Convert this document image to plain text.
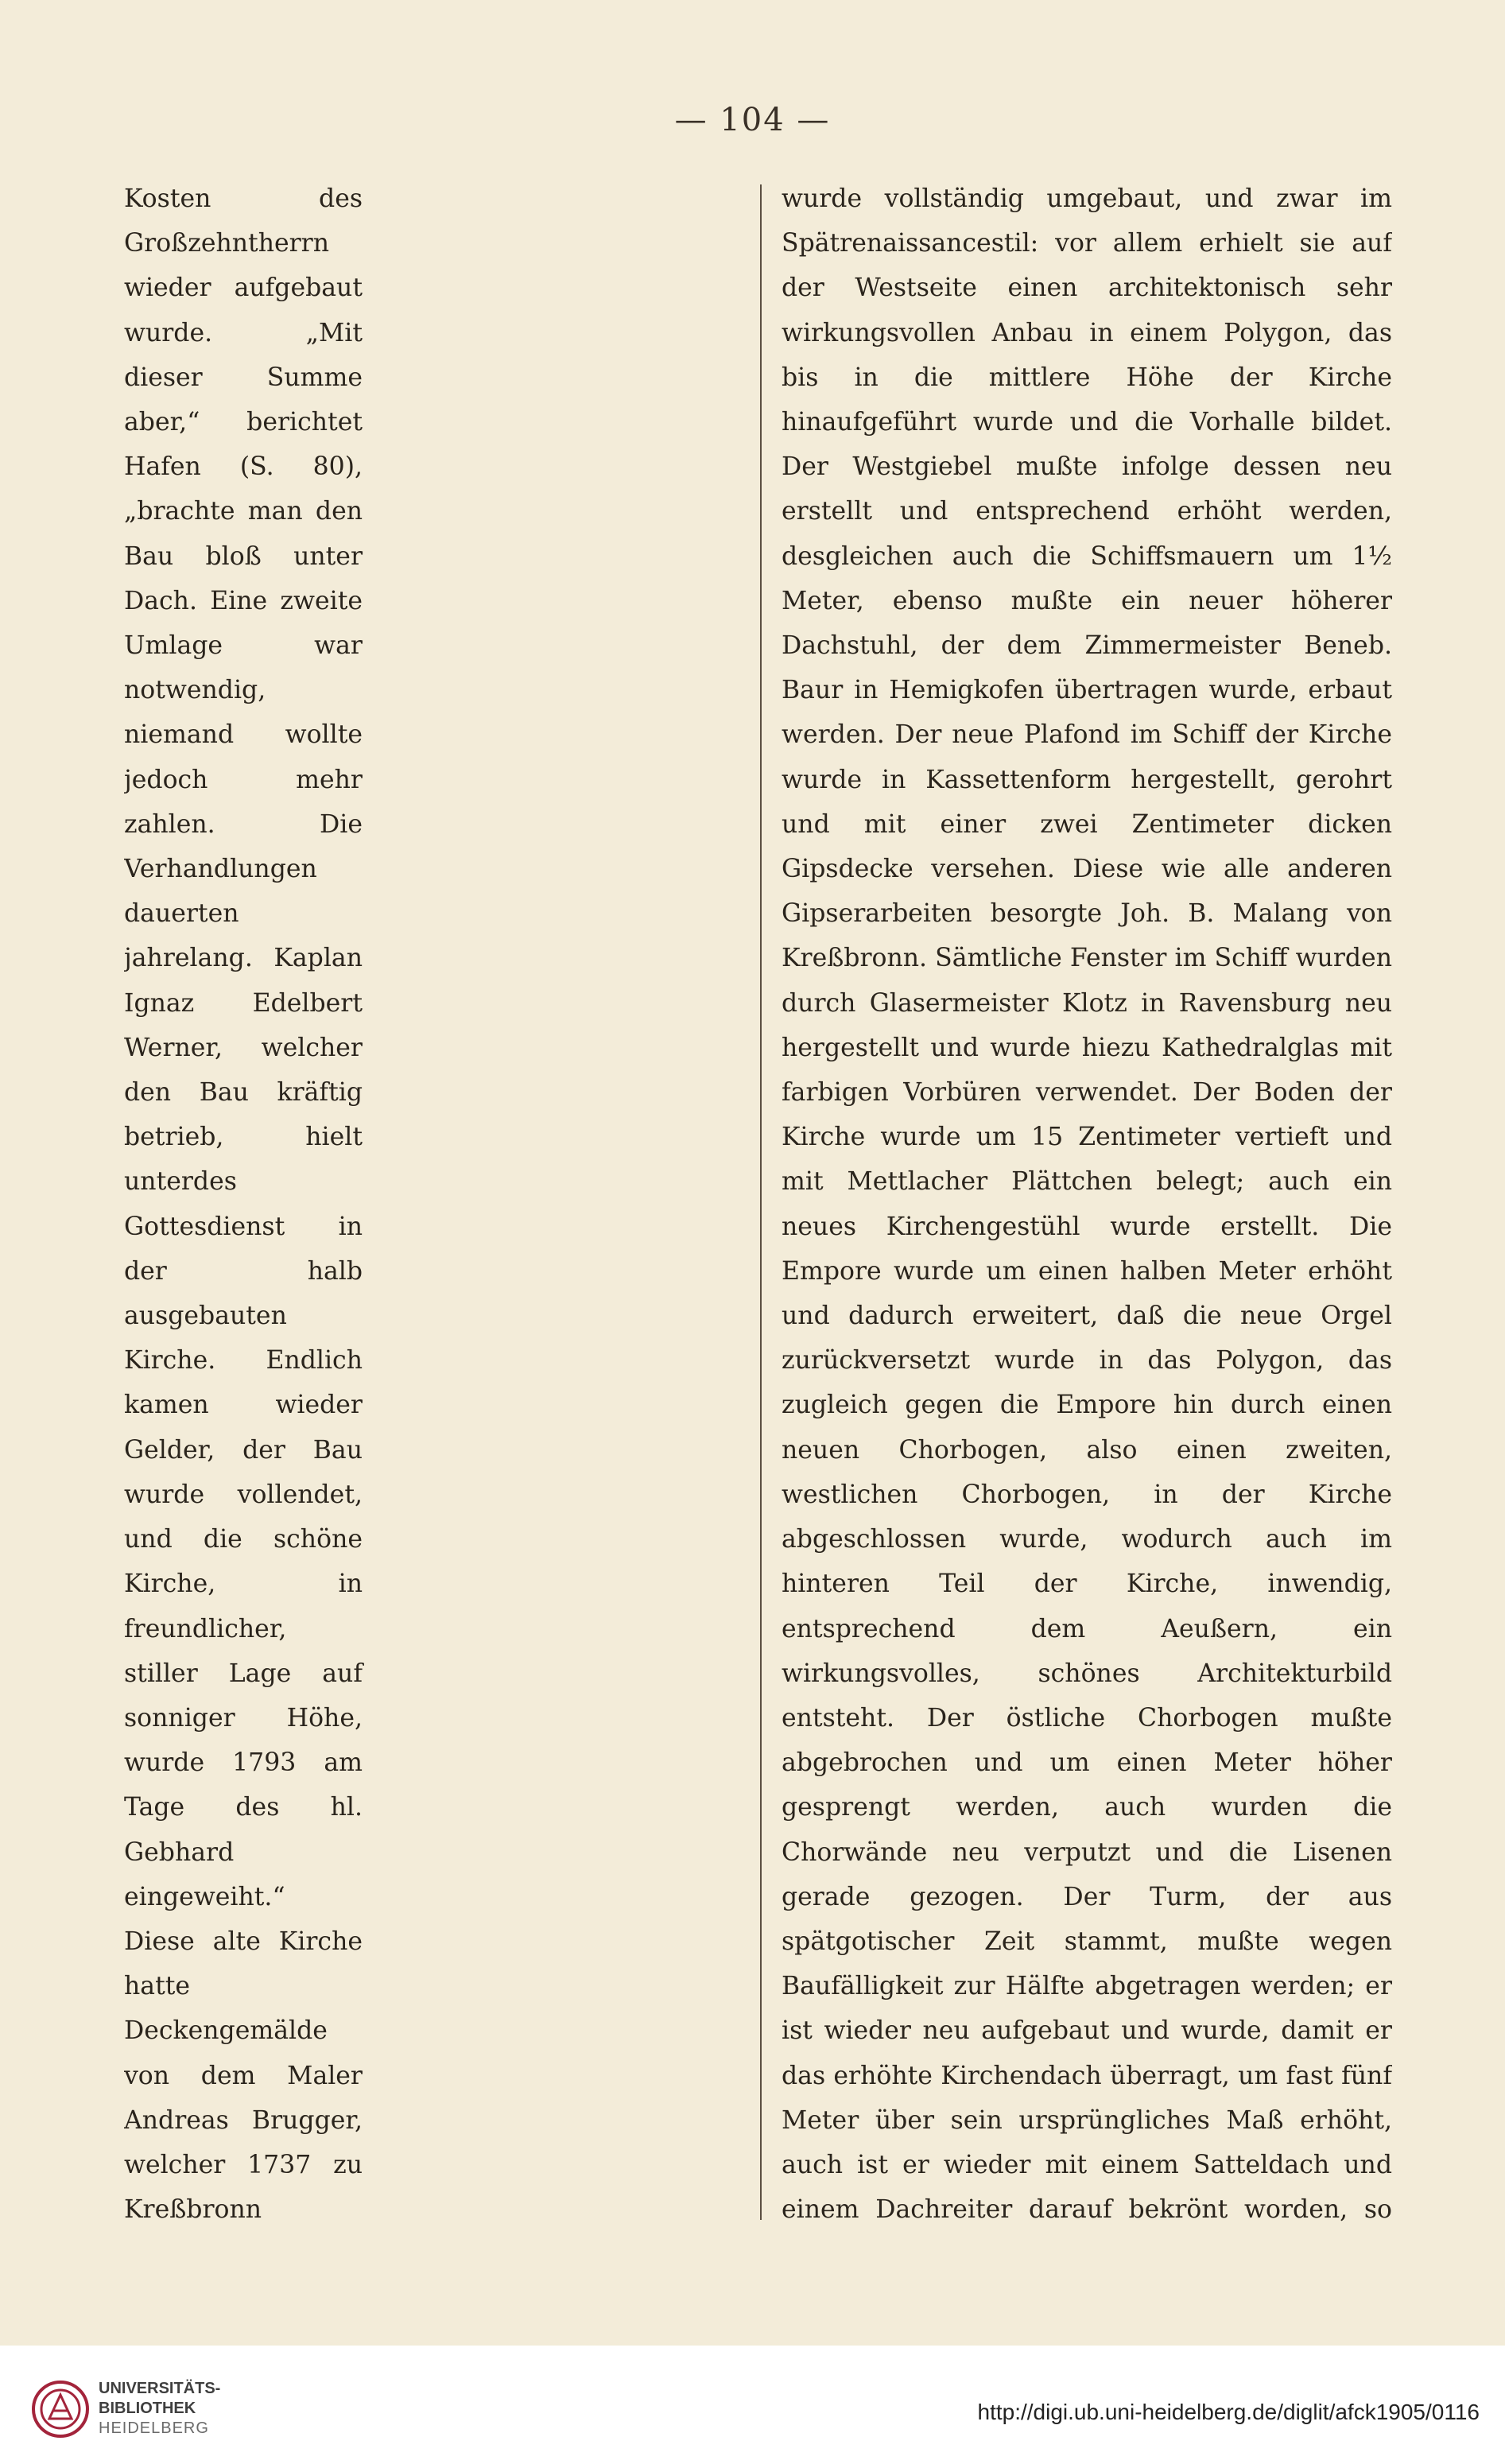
— 104 —

Kosten des Großzehntherrn wieder aufgebaut wurde. „Mit dieser Summe aber,“ berichtet Hafen (S. 80), „brachte man den Bau bloß unter Dach. Eine zweite Umlage war notwendig, niemand wollte jedoch mehr zahlen. Die Verhandlungen dauerten jahrelang. Kaplan Ignaz Edelbert Werner, welcher den Bau kräftig betrieb, hielt unterdes Gottesdienst in der halb ausgebauten Kirche. Endlich kamen wieder Gelder, der Bau wurde vollendet, und die schöne Kirche, in freundlicher, stiller Lage auf sonniger Höhe, wurde 1793 am Tage des hl. Gebhard eingeweiht.“ Diese alte Kirche hatte Deckengemälde von dem Maler Andreas Brugger, welcher 1737 zu Kreßbronn

wurde vollständig umgebaut, und zwar im Spätrenaissancestil: vor allem erhielt sie auf der Westseite einen architektonisch sehr wirkungsvollen Anbau in einem Polygon, das bis in die mittlere Höhe der Kirche hinaufgeführt wurde und die Vorhalle bildet. Der Westgiebel mußte infolge dessen neu erstellt und entsprechend erhöht werden, desgleichen auch die Schiffsmauern um 1½ Meter, ebenso mußte ein neuer höherer Dachstuhl, der dem Zimmermeister Beneb. Baur in Hemigkofen übertragen wurde, erbaut werden. Der neue Plafond im Schiff der Kirche wurde in Kassettenform hergestellt, gerohrt und mit einer zwei Zentimeter dicken Gipsdecke versehen. Diese wie alle anderen Gipserarbeiten besorgte Joh. B. Malang von Kreßbronn. Sämtliche Fenster im Schiff wurden durch Glasermeister Klotz in Ravensburg neu hergestellt und wurde hiezu Kathedralglas mit farbigen Vorbüren verwendet. Der Boden der Kirche wurde um 15 Zentimeter vertieft und mit Mettlacher Plättchen belegt; auch ein neues Kirchengestühl wurde erstellt. Die Empore wurde um einen halben Meter erhöht und dadurch erweitert, daß die neue Orgel zurückversetzt wurde in das Polygon, das zugleich gegen die Empore hin durch einen neuen Chorbogen, also einen zweiten, westlichen Chorbogen, in der Kirche abgeschlossen wurde, wodurch auch im hinteren Teil der Kirche, inwendig, entsprechend dem Aeußern, ein wirkungsvolles, schönes Architekturbild entsteht. Der östliche Chorbogen mußte abgebrochen und um einen Meter höher gesprengt werden, auch wurden die Chorwände neu verputzt und die Lisenen gerade gezogen. Der Turm, der aus spätgotischer Zeit stammt, mußte wegen Baufälligkeit zur Hälfte abgetragen werden; er ist wieder neu aufgebaut und wurde, damit er das erhöhte Kirchendach überragt, um fast fünf Meter über sein ursprüngliches Maß erhöht, auch ist er wieder mit einem Satteldach und einem Dachreiter darauf bekrönt worden, so

UNIVERSITÄTS-
BIBLIOTHEK
HEIDELBERG
http://digi.ub.uni-heidelberg.de/diglit/afck1905/0116
